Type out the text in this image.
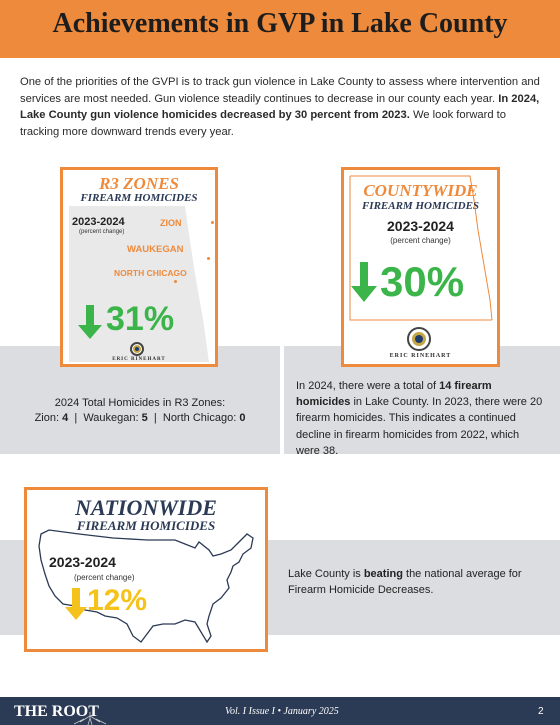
Achievements in GVP in Lake County
One of the priorities of the GVPI is to track gun violence in Lake County to assess where intervention and services are most needed. Gun violence steadily continues to decrease in our county each year. In 2024, Lake County gun violence homicides decreased by 30 percent from 2023. We look forward to tracking more downward trends every year.
R3 ZONES
FIREARM HOMICIDES
2023-2024
(percent change)
ZION
WAUKEGAN
NORTH CHICAGO
31%
ERIC RINEHART
2024 Total Homicides in R3 Zones:
Zion: 4 | Waukegan: 5 | North Chicago: 0
COUNTYWIDE
FIREARM HOMICIDES
2023-2024
(percent change)
30%
ERIC RINEHART
In 2024, there were a total of 14 firearm homicides in Lake County. In 2023, there were 20 firearm homicides. This indicates a continued decline in firearm homicides from 2022, which were 38.
NATIONWIDE
FIREARM HOMICIDES
2023-2024
(percent change)
12%
Lake County is beating the national average for Firearm Homicide Decreases.
THE ROOT	Vol. I Issue I • January 2025	2
